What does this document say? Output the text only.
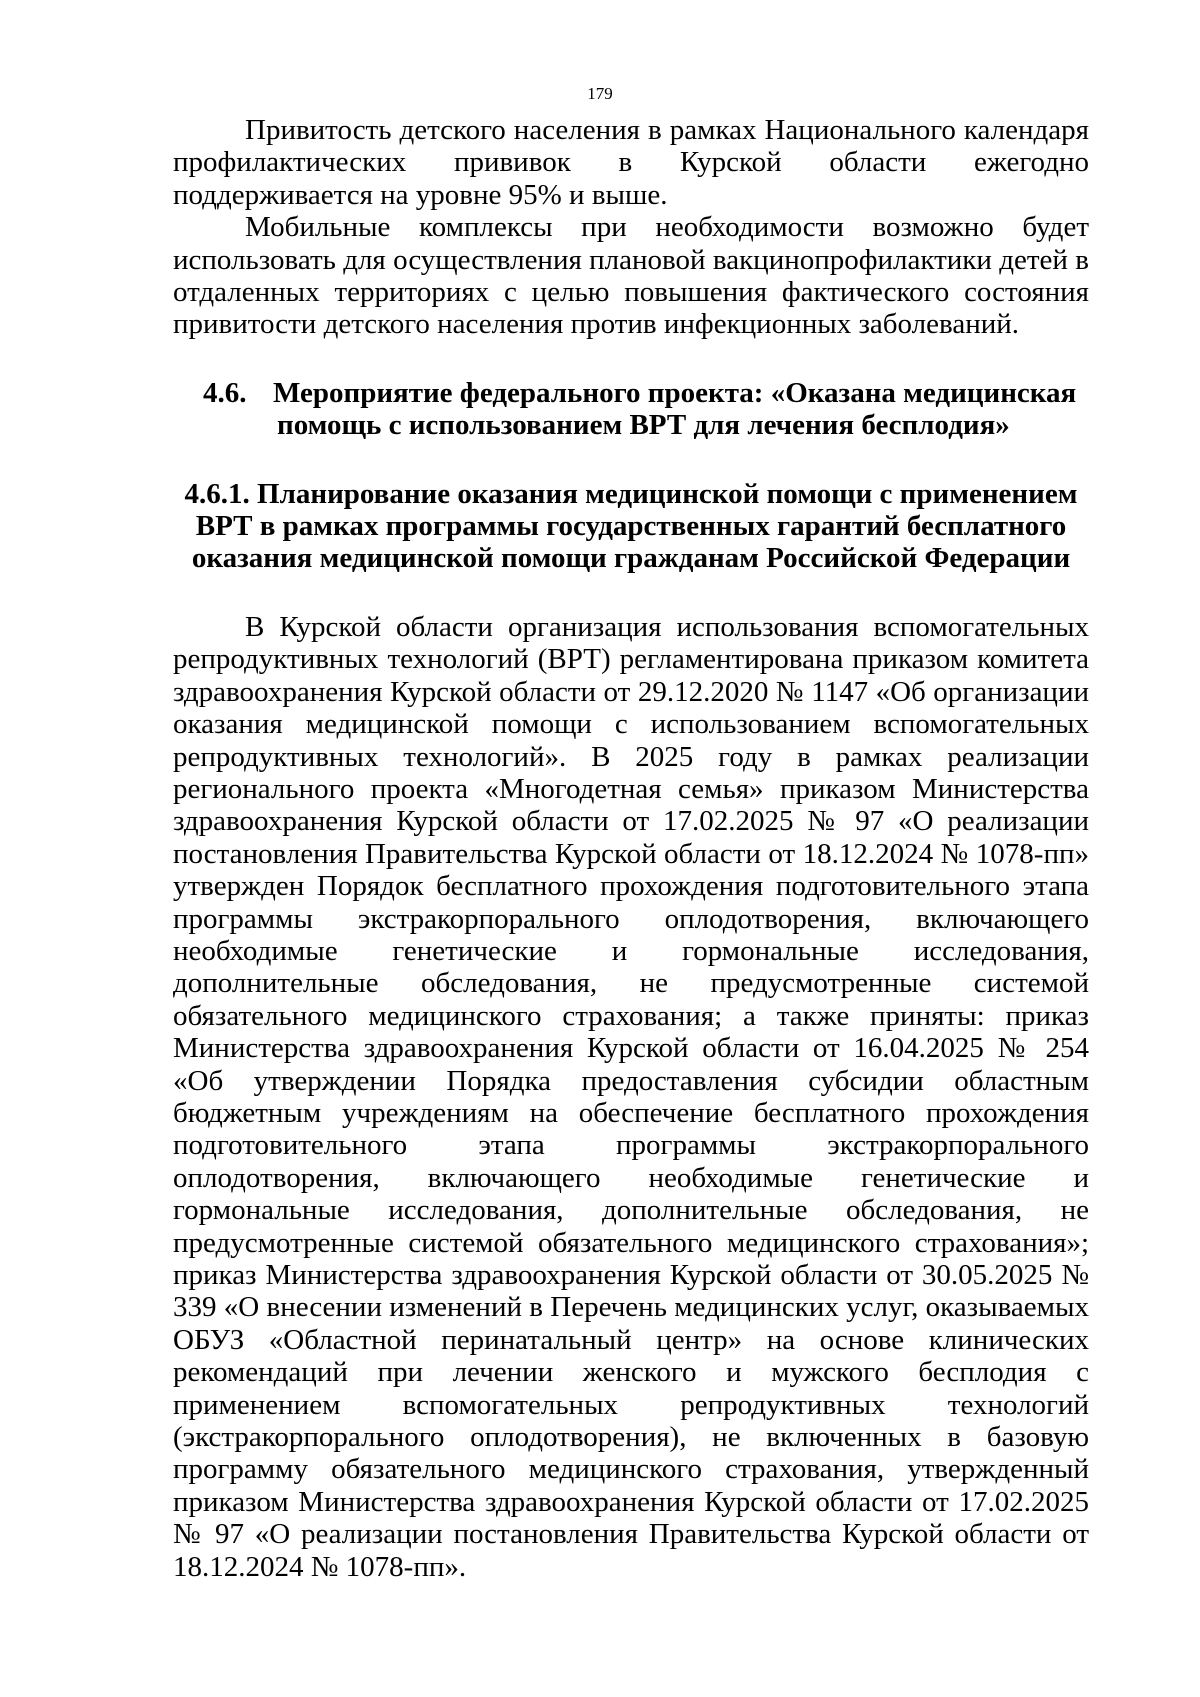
179

Привитость детского населения в рамках Национального календаря профилактических прививок в Курской области ежегодно поддерживается на уровне 95% и выше.

Мобильные комплексы при необходимости возможно будет использовать для осуществления плановой вакцинопрофилактики детей в отдаленных территориях с целью повышения фактического состояния привитости детского населения против инфекционных заболеваний.

4.6. Мероприятие федерального проекта: «Оказана медицинская
помощь с использованием ВРТ для лечения бесплодия»
4.6.1. Планирование оказания медицинской помощи с применением
ВРТ в рамках программы государственных гарантий бесплатного
оказания медицинской помощи гражданам Российской Федерации

В Курской области организация использования вспомогательных репродуктивных технологий (ВРТ) регламентирована приказом комитета здравоохранения Курской области от 29.12.2020 № 1147 «Об организации оказания медицинской помощи с использованием вспомогательных репродуктивных технологий». В 2025 году в рамках реализации регионального проекта «Многодетная семья» приказом Министерства здравоохранения Курской области от 17.02.2025 № 97 «О реализации постановления Правительства Курской области от 18.12.2024 № 1078-пп» утвержден Порядок бесплатного прохождения подготовительного этапа программы экстракорпорального оплодотворения, включающего необходимые генетические и гормональные исследования, дополнительные обследования, не предусмотренные системой обязательного медицинского страхования; а также приняты: приказ Министерства здравоохранения Курской области от 16.04.2025 № 254 «Об утверждении Порядка предоставления субсидии областным бюджетным учреждениям на обеспечение бесплатного прохождения подготовительного этапа программы экстракорпорального оплодотворения, включающего необходимые генетические и гормональные исследования, дополнительные обследования, не предусмотренные системой обязательного медицинского страхования»; приказ Министерства здравоохранения Курской области от 30.05.2025 № 339 «О внесении изменений в Перечень медицинских услуг, оказываемых ОБУЗ «Областной перинатальный центр» на основе клинических рекомендаций при лечении женского и мужского бесплодия с применением вспомогательных репродуктивных технологий (экстракорпорального оплодотворения), не включенных в базовую программу обязательного медицинского страхования, утвержденный приказом Министерства здравоохранения Курской области от 17.02.2025 № 97 «О реализации постановления Правительства Курской области от 18.12.2024 № 1078-пп».
